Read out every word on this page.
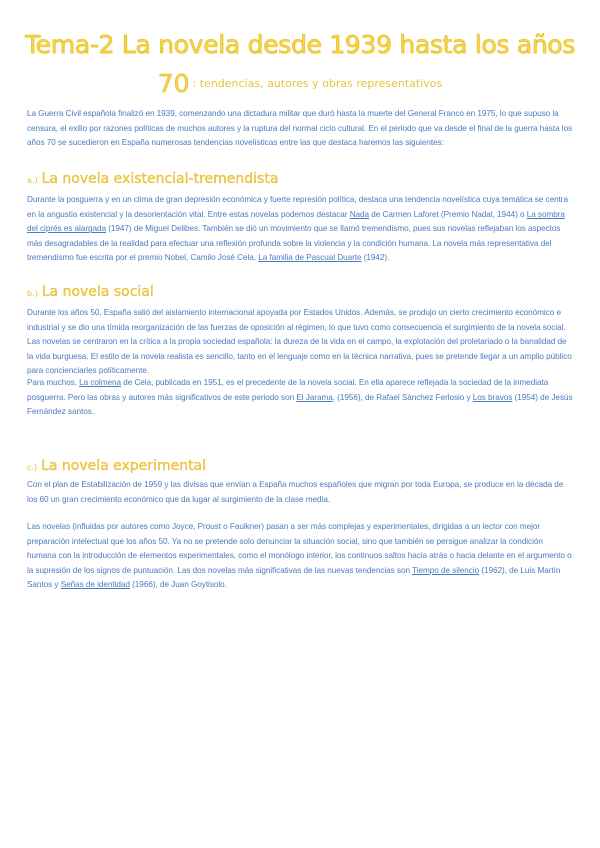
Tema-2 La novela desde 1939 hasta los años
70 $^{: tendencias, autores y obras representativos}$
La Guerra Civil española finalizó en 1939, comenzando una dictadura militar que duró hasta la muerte del General Franco en 1975, lo que supuso la censura, el exilio por razones políticas de muchos autores y la ruptura del normal ciclo cultural. En el periodo que va desde el final de la guerra hasta los años 70 se sucedieron en España numerosas tendencias novelísticas entre las que destaca haremos las siguientes:
a.) La novela existencial-tremendista
Durante la posguerra y en un clima de gran depresión económica y fuerte represión política, destaca una tendencia novelística cuya temática se centra en la angustia existencial y la desorientación vital. Entre estas novelas podemos destacar Nada de Carmen Laforet (Premio Nadal, 1944) o La sombra del ciprés es alargada (1947) de Miguel Delibes. También se dió un movimiento que se llamó tremendismo, pues sus novelas reflejaban los aspectos más desagradables de la realidad para efectuar una reflexión profunda sobre la violencia y la condición humana. La novela más representativa del tremendismo fue escrita por el premio Nobel, Camilo José Cela, La familia de Pascual Duarte (1942).
b.) La novela social
Durante los años 50, España salió del aislamiento internacional apoyada por Estados Unidos. Además, se produjo un cierto crecimiento económico e industrial y se dio una tímida reorganización de las fuerzas de oposición al régimen, lo que tuvo como consecuencia el surgimiento de la novela social. Las novelas se centraron en la crítica a la propia sociedad española: la dureza de la vida en el campo, la explotación del proletariado o la banalidad de la vida burguesa. El estilo de la novela realista es sencillo, tanto en el lenguaje como en la técnica narrativa, pues se pretende llegar a un amplio público para concienciarles políticamente.
Para muchos, La colmena de Cela, publicada en 1951, es el precedente de la novela social. En ella aparece reflejada la sociedad de la inmediata posguerra. Pero las obras y autores más significativos de este periodo son El Jarama, (1956), de Rafael Sánchez Ferlosio y Los bravos (1954) de Jesús Fernández santos.
c.) La novela experimental
Con el plan de Estabilización de 1959 y las divisas que envían a España muchos españoles que migran por toda Europa, se produce en la década de los 60 un gran crecimiento económico que da lugar al surgimiento de la clase media.
Las novelas (influidas por autores como Joyce, Proust o Faulkner) pasan a ser más complejas y experimentales, dirigidas a un lector con mejor preparación intelectual que los años 50. Ya no se pretende solo denunciar la situación social, sino que también se persigue analizar la condición humana con la introducción de elementos experimentales, como el monólogo interior, los continuos saltos hacia atrás o hacia delante en el argumento o la supresión de los signos de puntuación. Las dos novelas más significativas de las nuevas tendencias son Tiempo de silencio (1962), de Luis Martín Santos y Señas de identidad (1966), de Juan Goytisolo.
